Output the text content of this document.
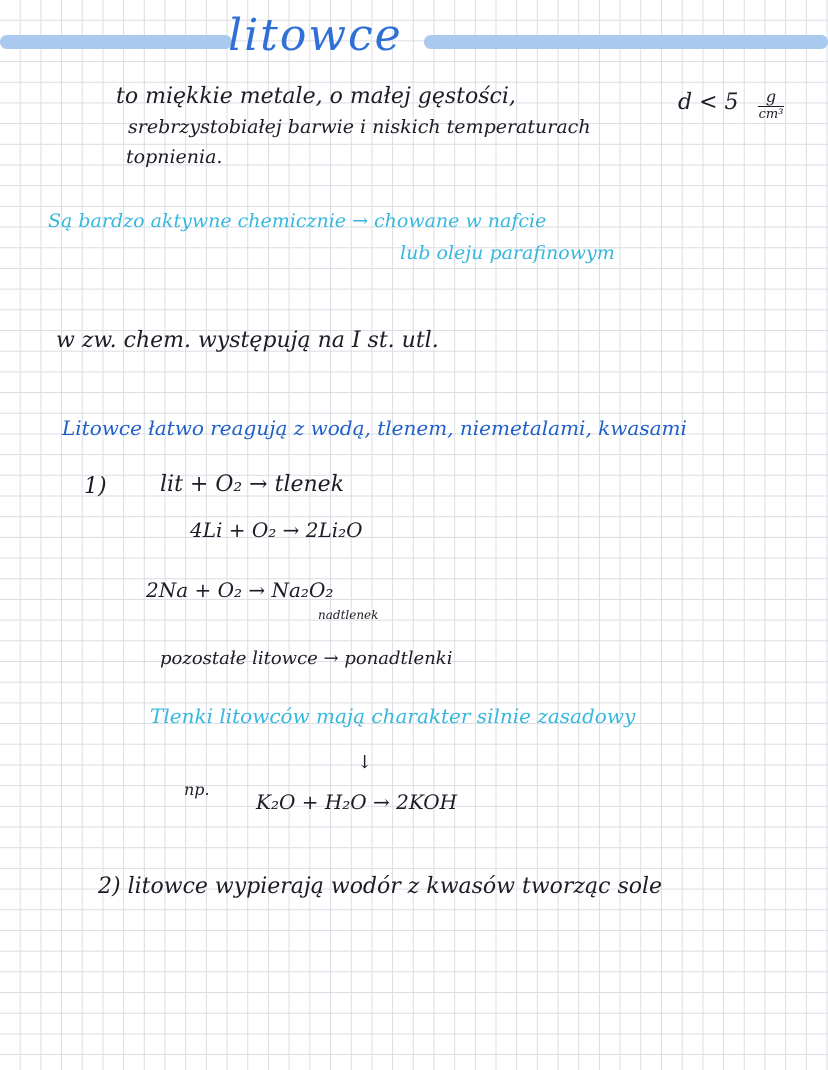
litowce
to miękkie metale, o małej gęstości,
srebrzystobiałej barwie i niskich temperaturach
topnienia.
d < 5	g
cm³
Są bardzo aktywne chemicznie → chowane w nafcie
lub oleju parafinowym
w zw. chem. występują na I st. utl.
Litowce łatwo reagują z wodą, tlenem, niemetalami, kwasami
1) lit + O₂ → tlenek
4Li + O₂ → 2Li₂O
2Na + O₂ → Na₂O₂
nadtlenek
pozostałe litowce → ponadtlenki
Tlenki litowców mają charakter silnie zasadowy
↓
np.
K₂O + H₂O → 2KOH
2) litowce wypierają wodór z kwasów tworząc sole
